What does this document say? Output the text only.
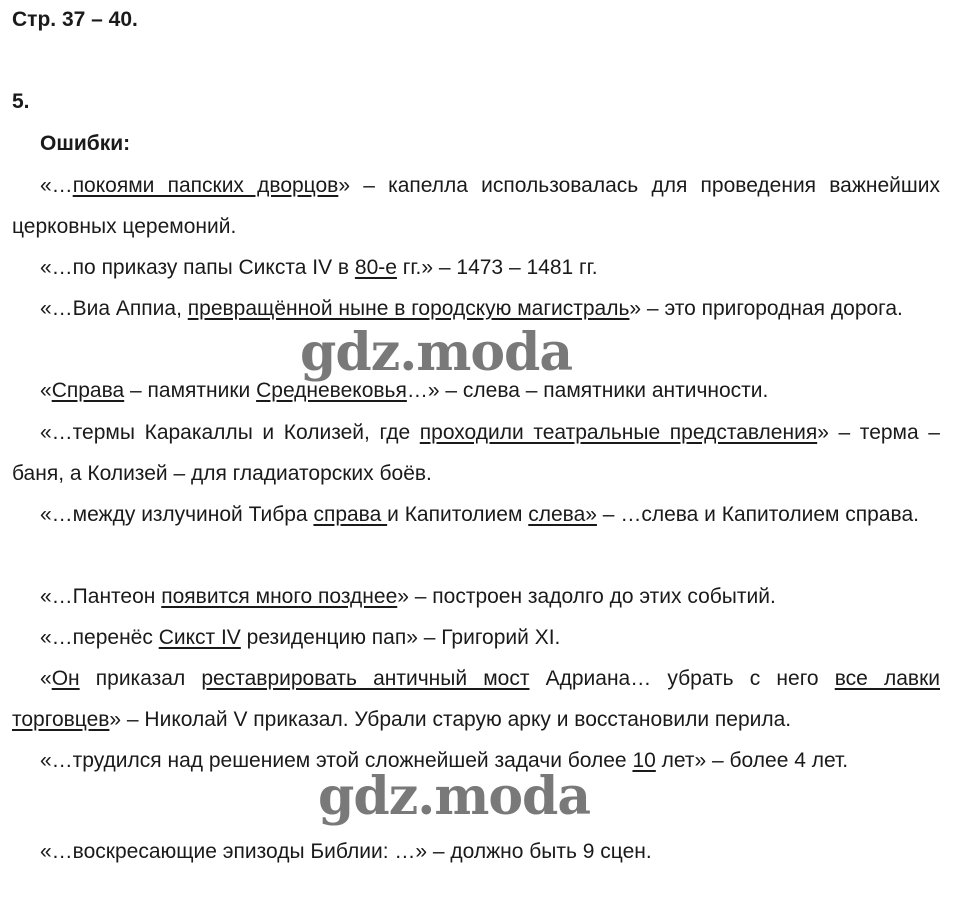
Стр. 37 – 40.
5.
Ошибки:
«…покоями папских дворцов» – капелла использовалась для проведения важнейших церковных церемоний.
«…по приказу папы Сикста IV в 80-е гг.» – 1473 – 1481 гг.
«…Виа Аппиа, превращённой ныне в городскую магистраль» – это пригородная дорога.
«Справа – памятники Средневековья…» – слева – памятники античности.
«…термы Каракаллы и Колизей, где проходили театральные представления» – терма – баня, а Колизей – для гладиаторских боёв.
«…между излучиной Тибра справа и Капитолием слева» – …слева и Капитолием справа.
«…Пантеон появится много позднее» – построен задолго до этих событий.
«…перенёс Сикст IV резиденцию пап» – Григорий XI.
«Он приказал реставрировать античный мост Адриана… убрать с него все лавки торговцев» – Николай V приказал. Убрали старую арку и восстановили перила.
«…трудился над решением этой сложнейшей задачи более 10 лет» – более 4 лет.
«…воскресающие эпизоды Библии: …» – должно быть 9 сцен.
gdz.moda
gdz.moda
